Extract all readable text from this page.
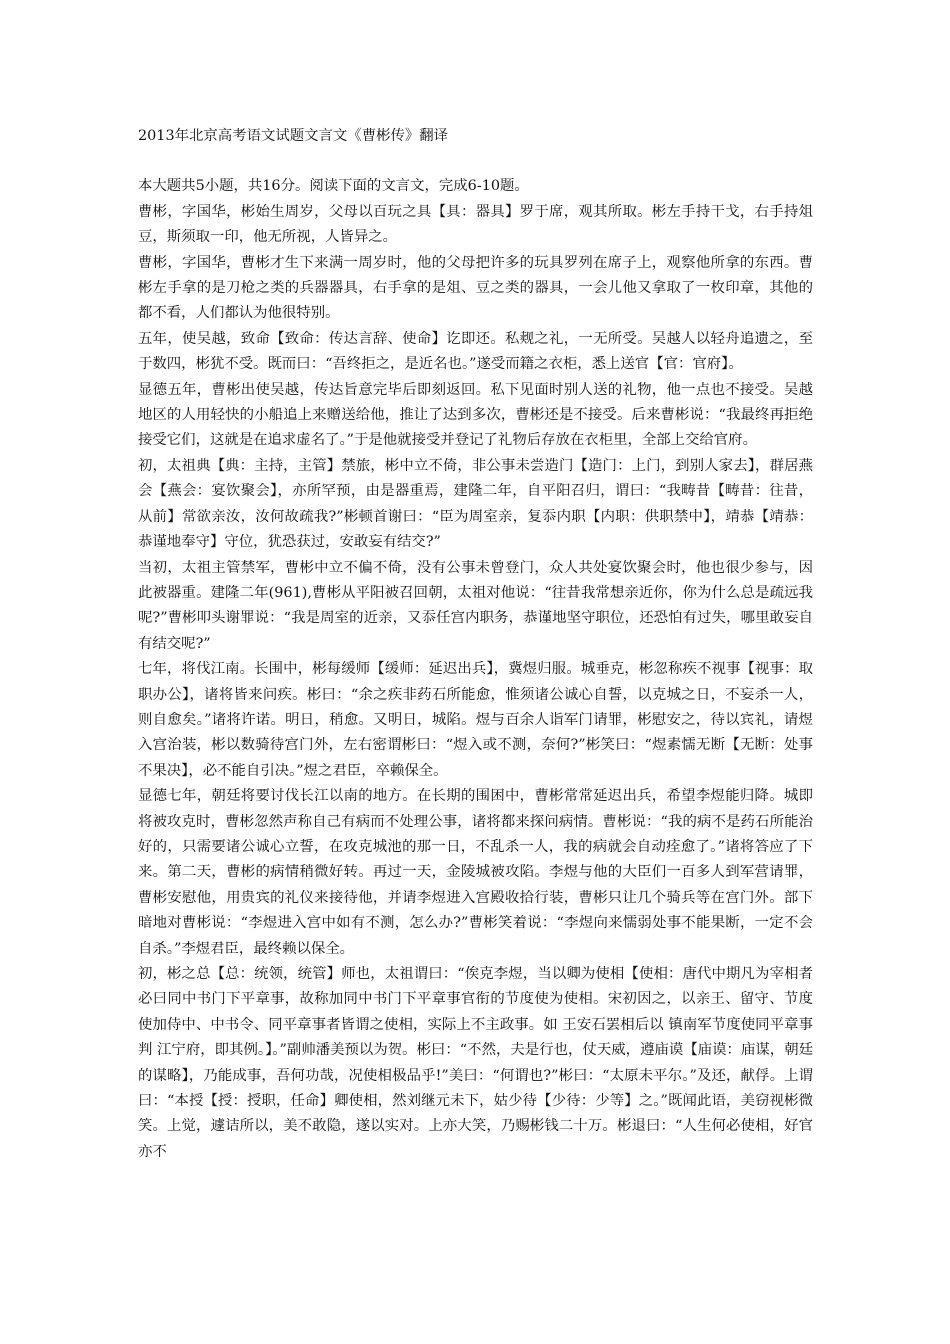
2013年北京高考语文试题文言文《曹彬传》翻译

本大题共5小题，共16分。阅读下面的文言文，完成6-10题。

曹彬，字国华，彬始生周岁，父母以百玩之具【具：器具】罗于席，观其所取。彬左手持干戈，右手持俎豆，斯须取一印，他无所视，人皆异之。

曹彬，字国华，曹彬才生下来满一周岁时，他的父母把许多的玩具罗列在席子上，观察他所拿的东西。曹彬左手拿的是刀枪之类的兵器器具，右手拿的是俎、豆之类的器具，一会儿他又拿取了一枚印章，其他的都不看，人们都认为他很特别。

五年，使吴越，致命【致命：传达言辞、使命】讫即还。私觌之礼，一无所受。吴越人以轻舟追遗之，至于数四，彬犹不受。既而曰：“吾终拒之，是近名也。”遂受而籍之衣柜，悉上送官【官：官府】。

显德五年，曹彬出使吴越，传达旨意完毕后即刻返回。私下见面时别人送的礼物，他一点也不接受。吴越地区的人用轻快的小船追上来赠送给他，推让了达到多次，曹彬还是不接受。后来曹彬说：“我最终再拒绝接受它们，这就是在追求虚名了。”于是他就接受并登记了礼物后存放在衣柜里，全部上交给官府。

初，太祖典【典：主持，主管】禁旅，彬中立不倚，非公事未尝造门【造门：上门，到别人家去】，群居燕会【燕会：宴饮聚会】，亦所罕预，由是器重焉，建隆二年，自平阳召归，谓曰：“我畴昔【畴昔：往昔，从前】常欲亲汝，汝何故疏我?”彬顿首谢曰：“臣为周室亲，复忝内职【内职：供职禁中】，靖恭【靖恭：恭谨地奉守】守位，犹恐获过，安敢妄有结交?”

当初，太祖主管禁军，曹彬中立不偏不倚，没有公事未曾登门，众人共处宴饮聚会时，他也很少参与，因此被器重。建隆二年(961),曹彬从平阳被召回朝，太祖对他说：“往昔我常想亲近你，你为什么总是疏远我呢?”曹彬叩头谢罪说：“我是周室的近亲，又忝任宫内职务，恭谨地坚守职位，还恐怕有过失，哪里敢妄自有结交呢?”

七年，将伐江南。长围中，彬每缓师【缓师：延迟出兵】，冀煜归服。城垂克，彬忽称疾不视事【视事：取职办公】，诸将皆来问疾。彬曰：“余之疾非药石所能愈，惟须诸公诚心自誓，以克城之日，不妄杀一人，则自愈矣。”诸将许诺。明日，稍愈。又明日，城陷。煜与百余人诣军门请罪，彬慰安之，待以宾礼，请煜入宫治装，彬以数骑待宫门外，左右密谓彬曰：“煜入或不测，奈何?”彬笑曰：“煜素懦无断【无断：处事不果决】，必不能自引决。”煜之君臣，卒赖保全。

显德七年，朝廷将要讨伐长江以南的地方。在长期的围困中，曹彬常常延迟出兵，希望李煜能归降。城即将被攻克时，曹彬忽然声称自己有病而不处理公事，诸将都来探问病情。曹彬说：“我的病不是药石所能治好的，只需要诸公诚心立誓，在攻克城池的那一日，不乱杀一人，我的病就会自动痊愈了。”诸将答应了下来。第二天，曹彬的病情稍微好转。再过一天，金陵城被攻陷。李煜与他的大臣们一百多人到军营请罪，曹彬安慰他，用贵宾的礼仪来接待他，并请李煜进入宫殿收拾行装，曹彬只让几个骑兵等在宫门外。部下暗地对曹彬说：“李煜进入宫中如有不测，怎么办?”曹彬笑着说：“李煜向来懦弱处事不能果断，一定不会自杀。”李煜君臣，最终赖以保全。

初，彬之总【总：统领，统管】师也，太祖谓曰：“俟克李煜，当以卿为使相【使相：唐代中期凡为宰相者必曰同中书门下平章事，故称加同中书门下平章事官衔的节度使为使相。宋初因之，以亲王、留守、节度使加侍中、中书令、同平章事者皆谓之使相，实际上不主政事。如 王安石罢相后以 镇南军节度使同平章事判 江宁府，即其例。】。”副帅潘美预以为贺。彬曰：“不然，夫是行也，仗天威，遵庙谟【庙谟：庙谋，朝廷的谋略】，乃能成事，吾何功哉，况使相极品乎!”美曰：“何谓也?”彬曰：“太原未平尔。”及还，献俘。上谓曰：“本授【授：授职，任命】卿使相，然刘继元未下，姑少待【少待：少等】之。”既闻此语，美窃视彬微笑。上觉，遽诘所以，美不敢隐，遂以实对。上亦大笑，乃赐彬钱二十万。彬退曰：“人生何必使相，好官亦不
